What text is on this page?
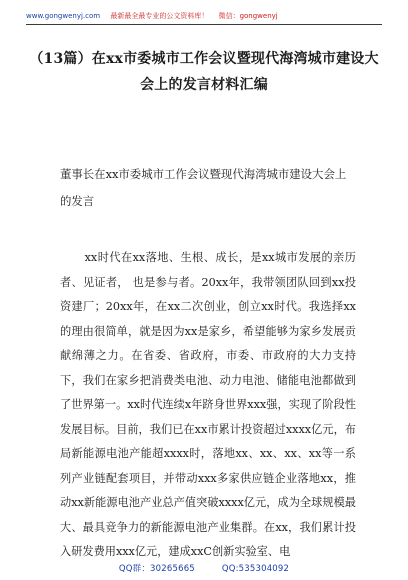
www.gongwenyj.com 最新最全最专业的公文资料库！ 微信：gongwenyj
（13篇）在xx市委城市工作会议暨现代海湾城市建设大会上的发言材料汇编
董事长在xx市委城市工作会议暨现代海湾城市建设大会上的发言
xx时代在xx落地、生根、成长，是xx城市发展的亲历者、见证者， 也是参与者。20xx年，我带领团队回到xx投资建厂；20xx年，在xx二次创业，创立xx时代。我选择xx的理由很简单，就是因为xx是家乡，希望能够为家乡发展贡献绵薄之力。在省委、省政府，市委、市政府的大力支持下，我们在家乡把消费类电池、动力电池、储能电池都做到了世界第一。xx时代连续x年跻身世界xxx强，实现了阶段性发展目标。目前，我们已在xx市累计投资超过xxxx亿元，布局新能源电池产能超xxxx时，落地xx、xx、xx、xx等一系列产业链配套项目，并带动xxx多家供应链企业落地xx，推动xx新能源电池产业总产值突破xxxx亿元，成为全球规模最大、最具竞争力的新能源电池产业集群。在xx，我们累计投入研发费用xxx亿元，建成xxC创新实验室、电
QQ群：30265665	QQ:535304092
